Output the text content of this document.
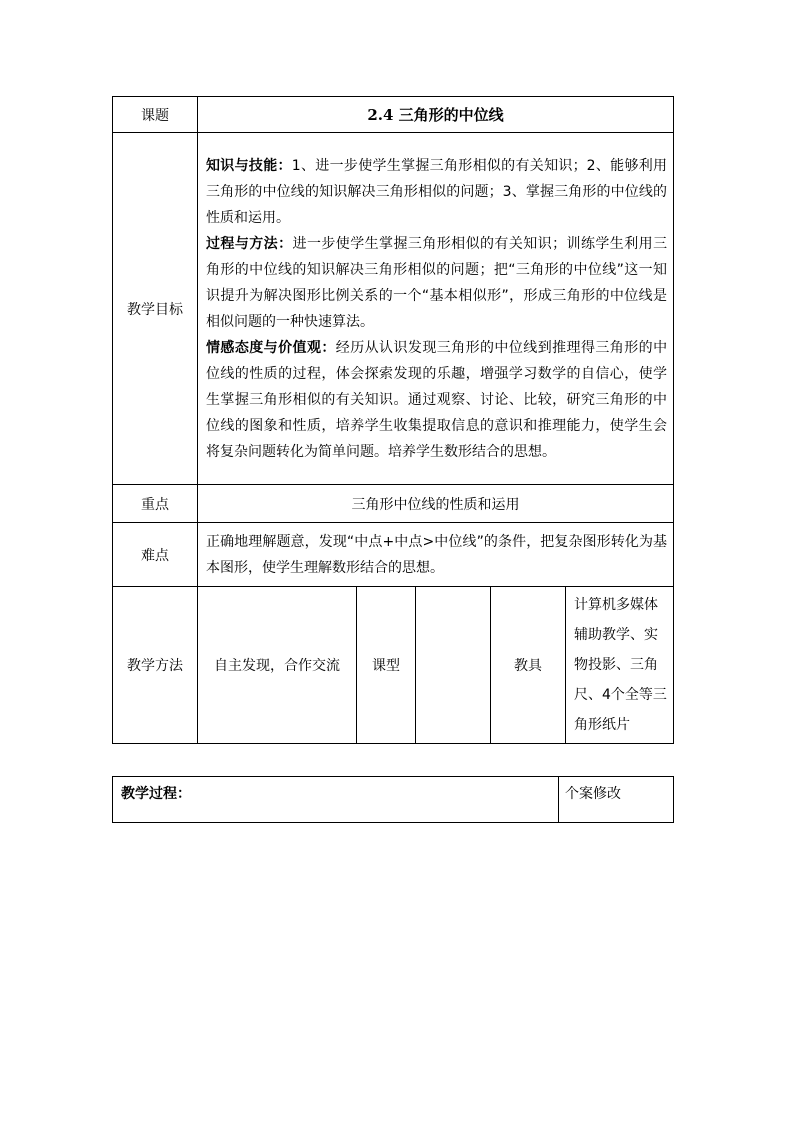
课题	2.4 三角形的中位线				
教学目标	知识与技能：1、进一步使学生掌握三角形相似的有关知识；2、能够利用三角形的中位线的知识解决三角形相似的问题；3、掌握三角形的中位线的性质和运用。

过程与方法：进一步使学生掌握三角形相似的有关知识；训练学生利用三角形的中位线的知识解决三角形相似的问题；把“三角形的中位线”这一知识提升为解决图形比例关系的一个“基本相似形”，形成三角形的中位线是相似问题的一种快速算法。

情感态度与价值观：经历从认识发现三角形的中位线到推理得三角形的中位线的性质的过程，体会探索发现的乐趣，增强学习数学的自信心，使学生掌握三角形相似的有关知识。通过观察、讨论、比较，研究三角形的中位线的图象和性质，培养学生收集提取信息的意识和推理能力，使学生会将复杂问题转化为简单问题。培养学生数形结合的思想。				

重点	三角形中位线的性质和运用				
难点	正确地理解题意，发现“中点+中点>中位线”的条件，把复杂图形转化为基本图形，使学生理解数形结合的思想。				
教学方法	自主发现，合作交流	课型		教具	计算机多媒体辅助教学、实物投影、三角尺、4个全等三角形纸片
教学过程：	个案修改
